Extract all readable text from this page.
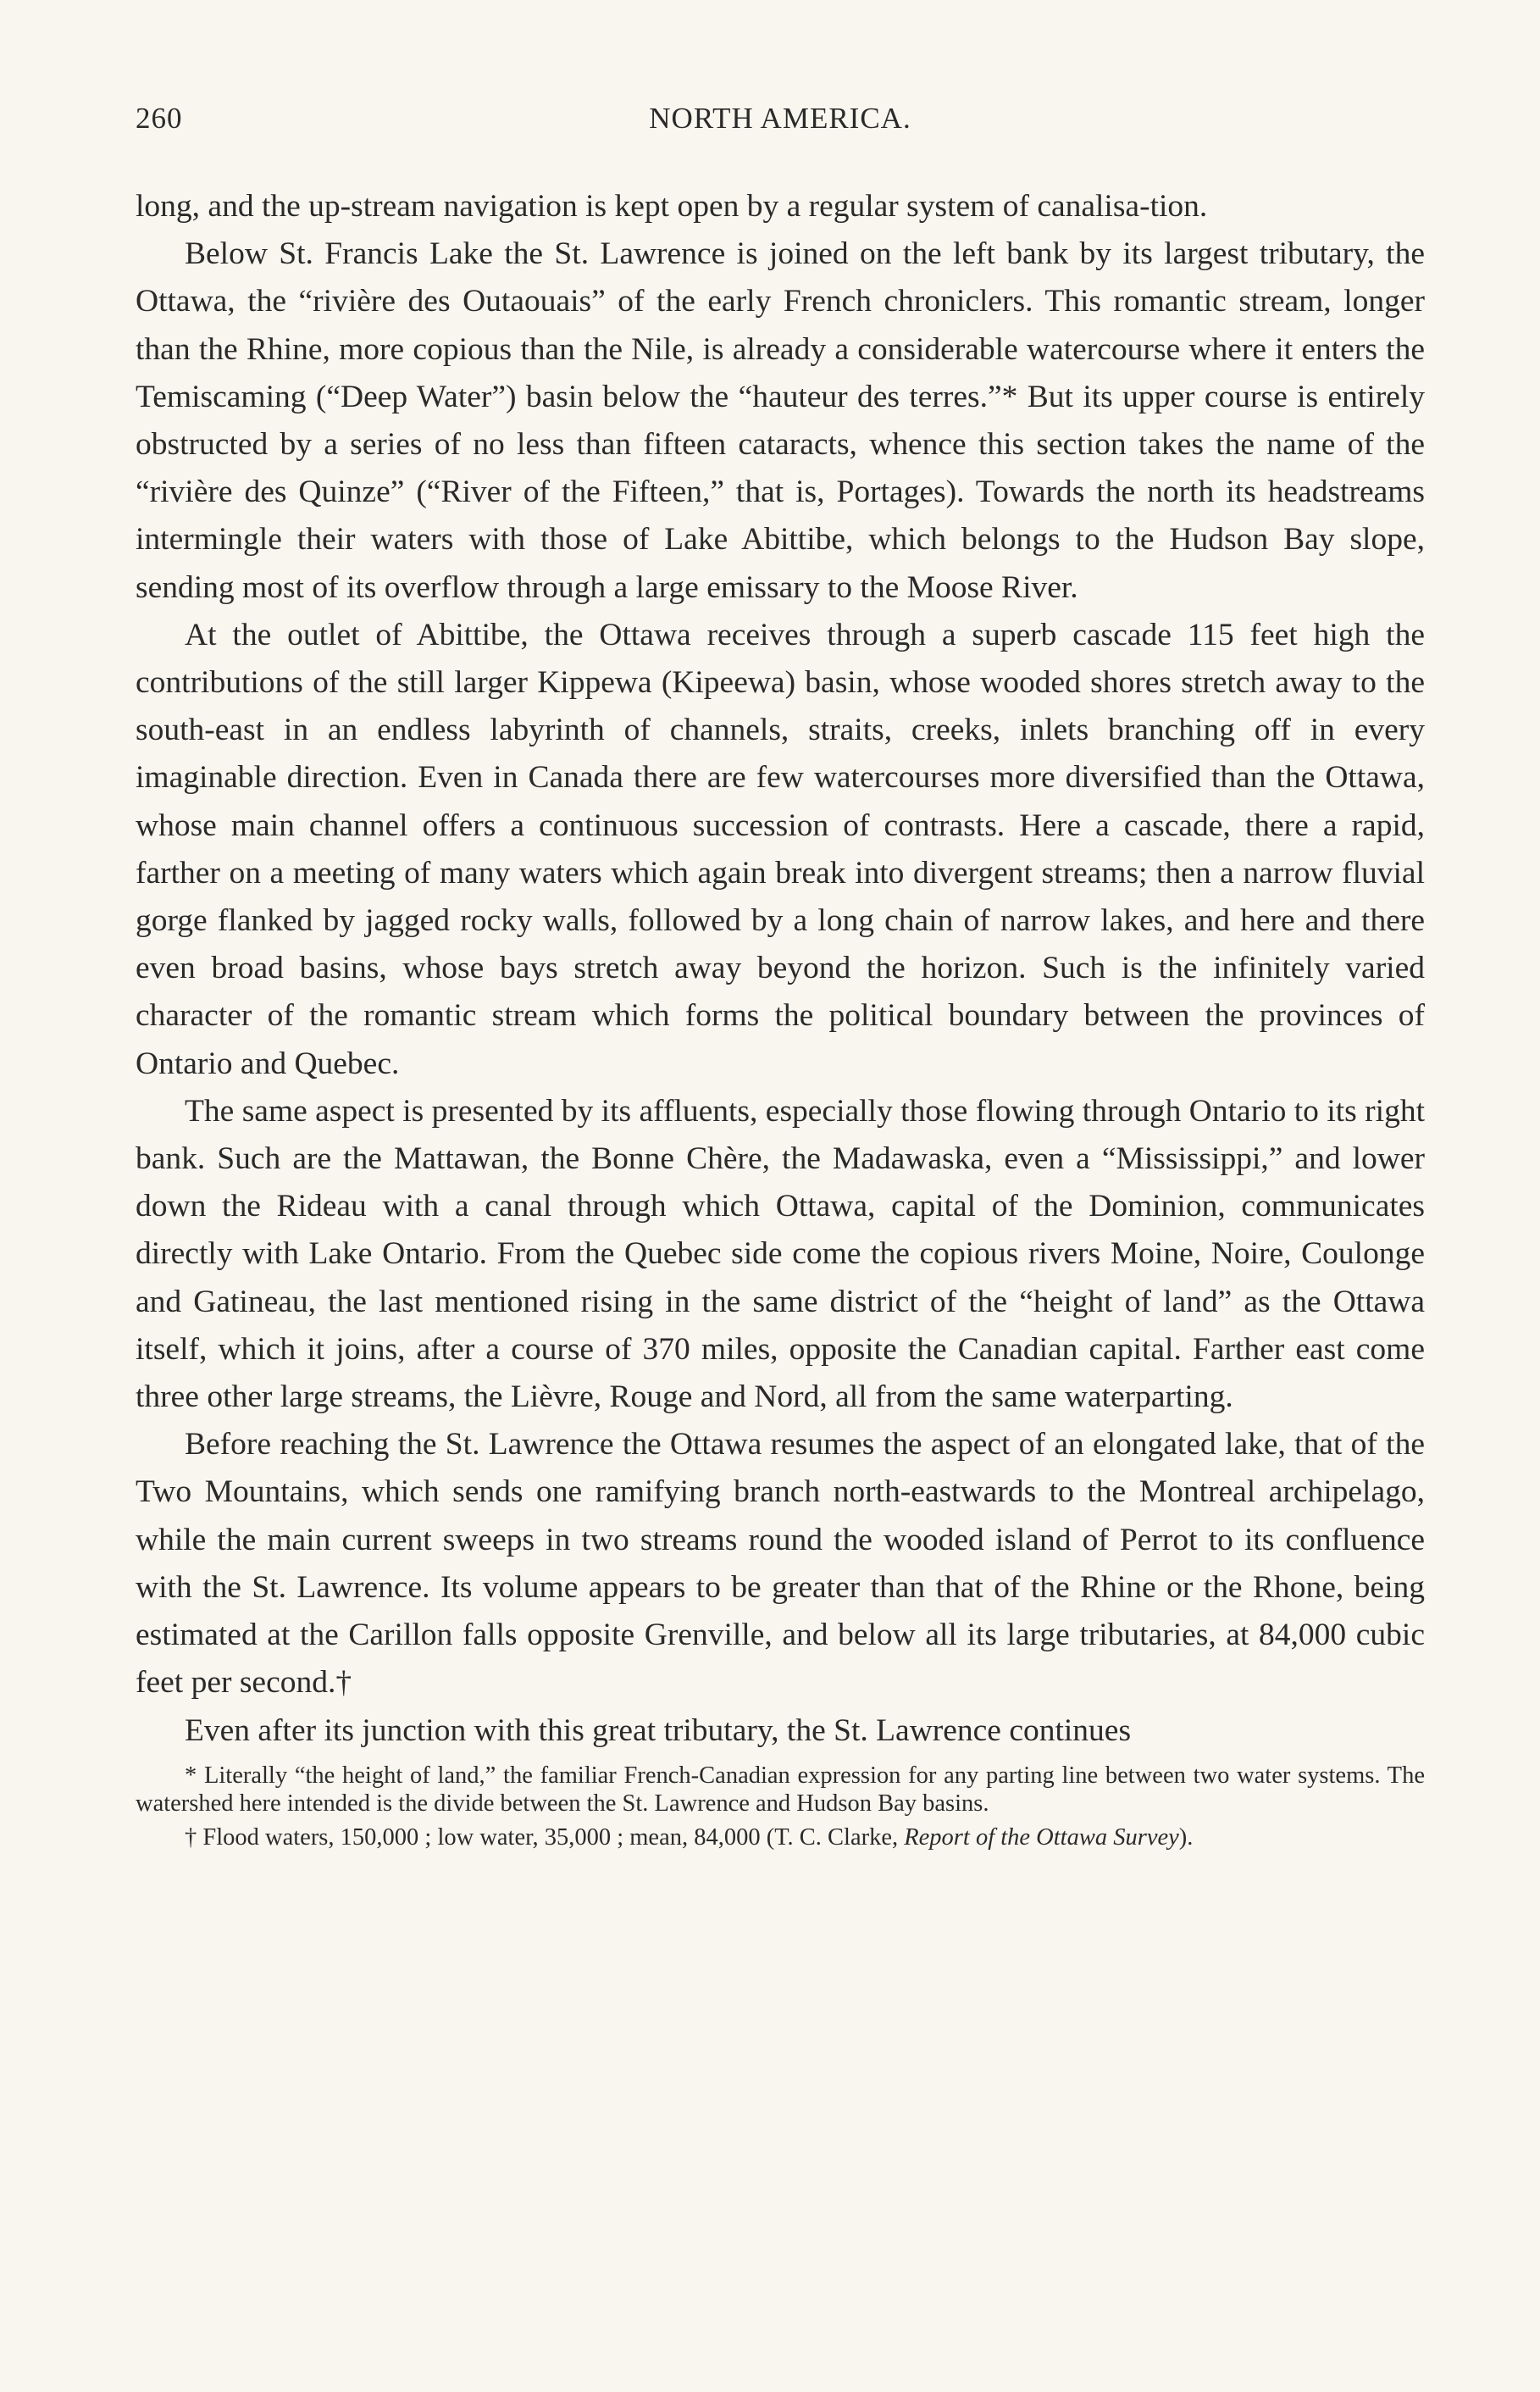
260	NORTH AMERICA.

long, and the up-stream navigation is kept open by a regular system of canalisa-tion.

Below St. Francis Lake the St. Lawrence is joined on the left bank by its largest tributary, the Ottawa, the “rivière des Outaouais” of the early French chroniclers. This romantic stream, longer than the Rhine, more copious than the Nile, is already a considerable watercourse where it enters the Temiscaming (“Deep Water”) basin below the “hauteur des terres.”* But its upper course is entirely obstructed by a series of no less than fifteen cataracts, whence this section takes the name of the “rivière des Quinze” (“River of the Fifteen,” that is, Portages). Towards the north its headstreams intermingle their waters with those of Lake Abittibe, which belongs to the Hudson Bay slope, sending most of its overflow through a large emissary to the Moose River.

At the outlet of Abittibe, the Ottawa receives through a superb cascade 115 feet high the contributions of the still larger Kippewa (Kipeewa) basin, whose wooded shores stretch away to the south-east in an endless labyrinth of channels, straits, creeks, inlets branching off in every imaginable direction. Even in Canada there are few watercourses more diversified than the Ottawa, whose main channel offers a continuous succession of contrasts. Here a cascade, there a rapid, farther on a meeting of many waters which again break into divergent streams; then a narrow fluvial gorge flanked by jagged rocky walls, followed by a long chain of narrow lakes, and here and there even broad basins, whose bays stretch away beyond the horizon. Such is the infinitely varied character of the romantic stream which forms the political boundary between the provinces of Ontario and Quebec.

The same aspect is presented by its affluents, especially those flowing through Ontario to its right bank. Such are the Mattawan, the Bonne Chère, the Madawaska, even a “Mississippi,” and lower down the Rideau with a canal through which Ottawa, capital of the Dominion, communicates directly with Lake Ontario. From the Quebec side come the copious rivers Moine, Noire, Coulonge and Gatineau, the last mentioned rising in the same district of the “height of land” as the Ottawa itself, which it joins, after a course of 370 miles, opposite the Canadian capital. Farther east come three other large streams, the Lièvre, Rouge and Nord, all from the same waterparting.

Before reaching the St. Lawrence the Ottawa resumes the aspect of an elongated lake, that of the Two Mountains, which sends one ramifying branch north-eastwards to the Montreal archipelago, while the main current sweeps in two streams round the wooded island of Perrot to its confluence with the St. Lawrence. Its volume appears to be greater than that of the Rhine or the Rhone, being estimated at the Carillon falls opposite Grenville, and below all its large tributaries, at 84,000 cubic feet per second.†

Even after its junction with this great tributary, the St. Lawrence continues

* Literally “the height of land,” the familiar French-Canadian expression for any parting line between two water systems. The watershed here intended is the divide between the St. Lawrence and Hudson Bay basins.

† Flood waters, 150,000 ; low water, 35,000 ; mean, 84,000 (T. C. Clarke, Report of the Ottawa Survey).
